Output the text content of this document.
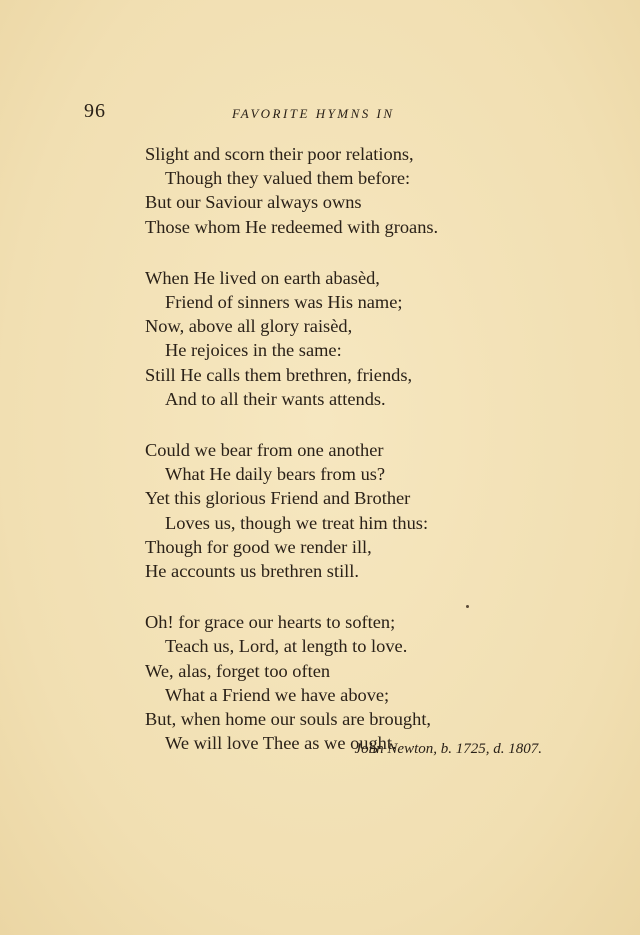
96	FAVORITE HYMNS IN
Slight and scorn their poor relations,
Though they valued them before:
But our Saviour always owns
Those whom He redeemed with groans.
When He lived on earth abasèd,
Friend of sinners was His name;
Now, above all glory raisèd,
He rejoices in the same:
Still He calls them brethren, friends,
And to all their wants attends.
Could we bear from one another
What He daily bears from us?
Yet this glorious Friend and Brother
Loves us, though we treat him thus:
Though for good we render ill,
He accounts us brethren still.
Oh! for grace our hearts to soften;
Teach us, Lord, at length to love.
We, alas, forget too often
What a Friend we have above;
But, when home our souls are brought,
We will love Thee as we ought.
John Newton, b. 1725, d. 1807.
